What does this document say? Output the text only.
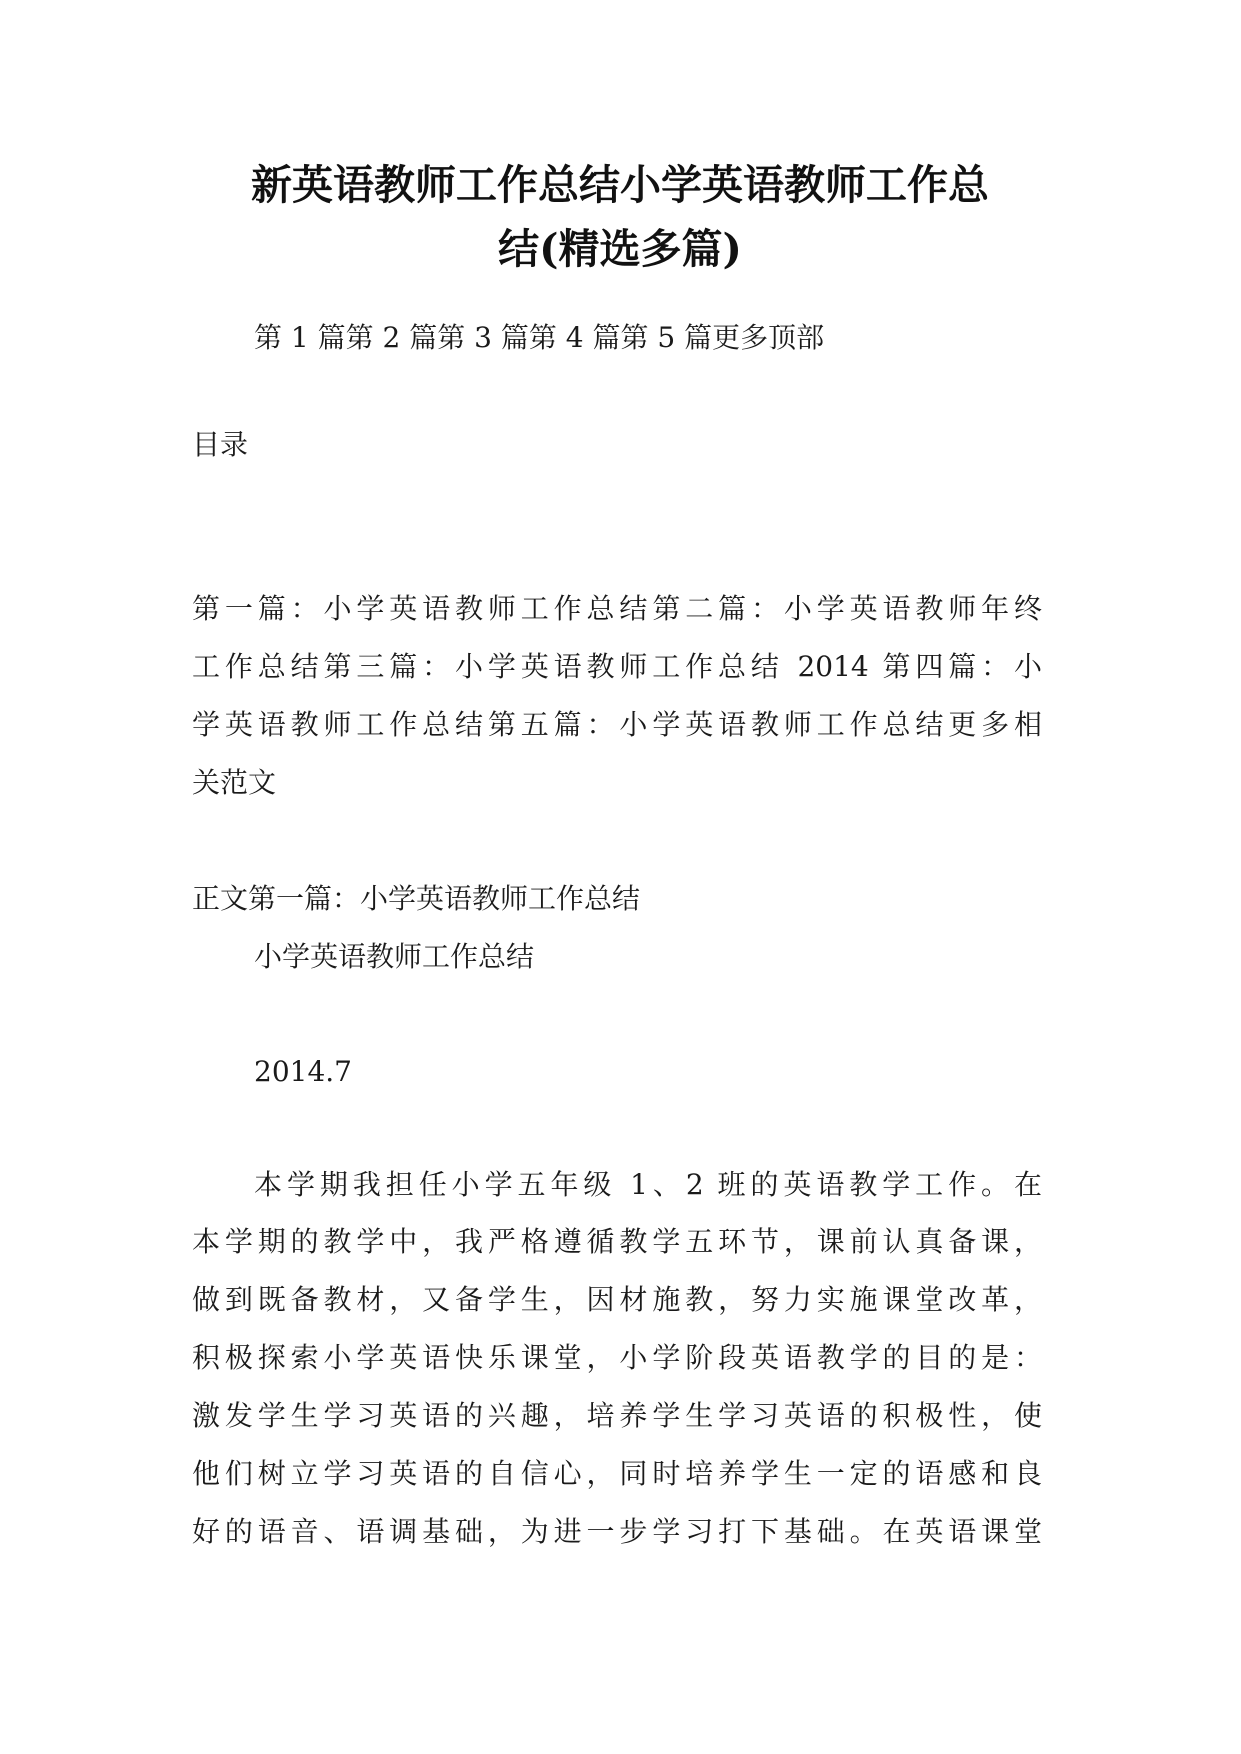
新英语教师工作总结小学英语教师工作总
结(精选多篇)
第 1 篇第 2 篇第 3 篇第 4 篇第 5 篇更多顶部
目录
第一篇：小学英语教师工作总结第二篇：小学英语教师年终
工作总结第三篇：小学英语教师工作总结 2014 第四篇：小
学英语教师工作总结第五篇：小学英语教师工作总结更多相
关范文
正文第一篇：小学英语教师工作总结
小学英语教师工作总结
2014.7
本学期我担任小学五年级 1、2 班的英语教学工作。在
本学期的教学中，我严格遵循教学五环节，课前认真备课，
做到既备教材，又备学生，因材施教，努力实施课堂改革，
积极探索小学英语快乐课堂，小学阶段英语教学的目的是：
激发学生学习英语的兴趣，培养学生学习英语的积极性，使
他们树立学习英语的自信心，同时培养学生一定的语感和良
好的语音、语调基础，为进一步学习打下基础。在英语课堂
